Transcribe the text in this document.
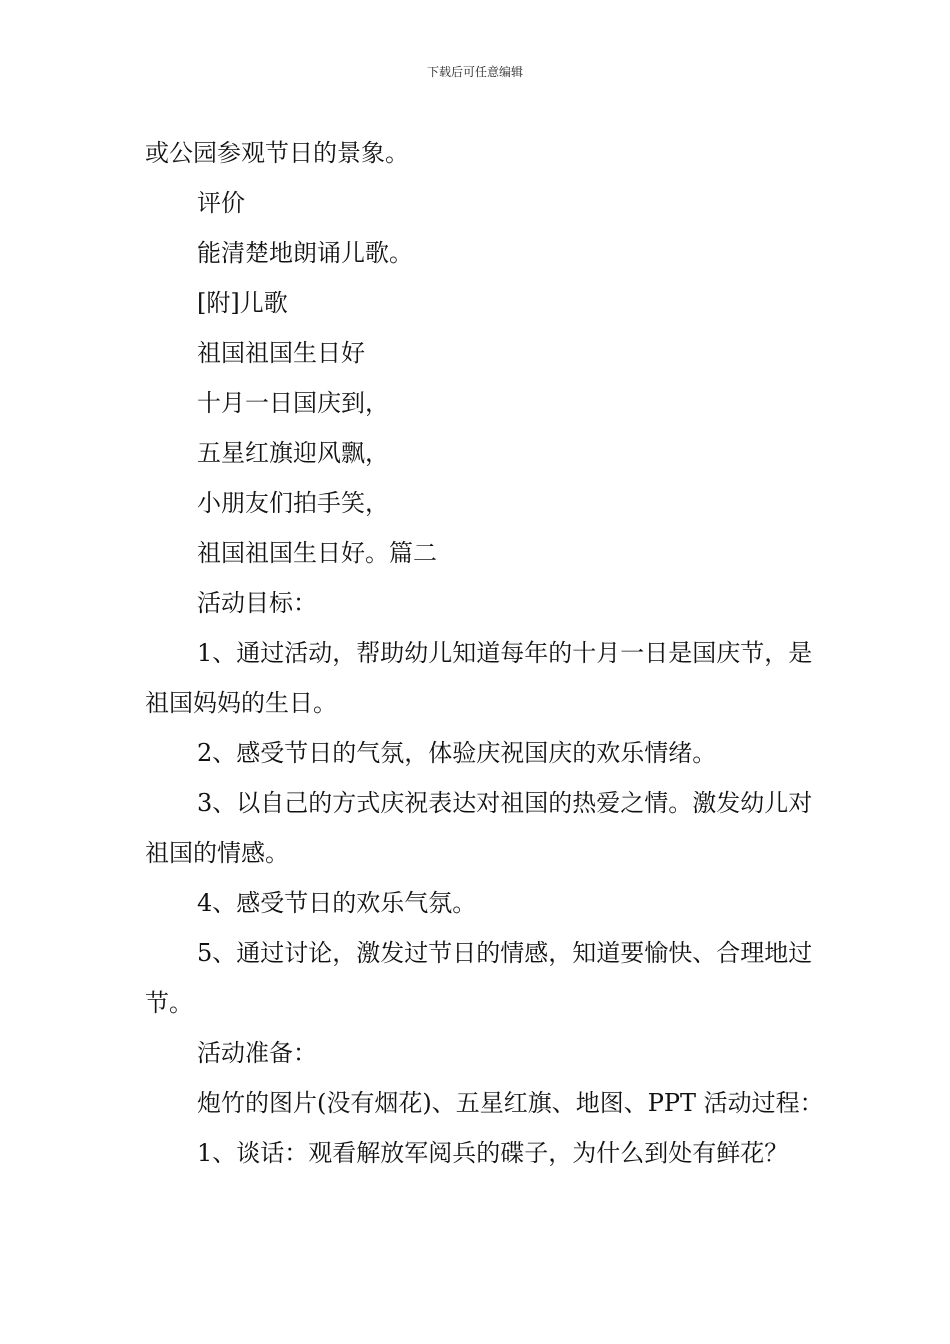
下载后可任意编辑

或公园参观节日的景象。

评价

能清楚地朗诵儿歌。

[附]儿歌

祖国祖国生日好

十月一日国庆到，

五星红旗迎风飘，

小朋友们拍手笑，

祖国祖国生日好。篇二

活动目标：

1、通过活动，帮助幼儿知道每年的十月一日是国庆节，是祖国妈妈的生日。

2、感受节日的气氛，体验庆祝国庆的欢乐情绪。

3、以自己的方式庆祝表达对祖国的热爱之情。激发幼儿对祖国的情感。

4、感受节日的欢乐气氛。

5、通过讨论，激发过节日的情感，知道要愉快、合理地过节。

活动准备：

炮竹的图片(没有烟花)、五星红旗、地图、PPT 活动过程：

1、谈话：观看解放军阅兵的碟子，为什么到处有鲜花？
